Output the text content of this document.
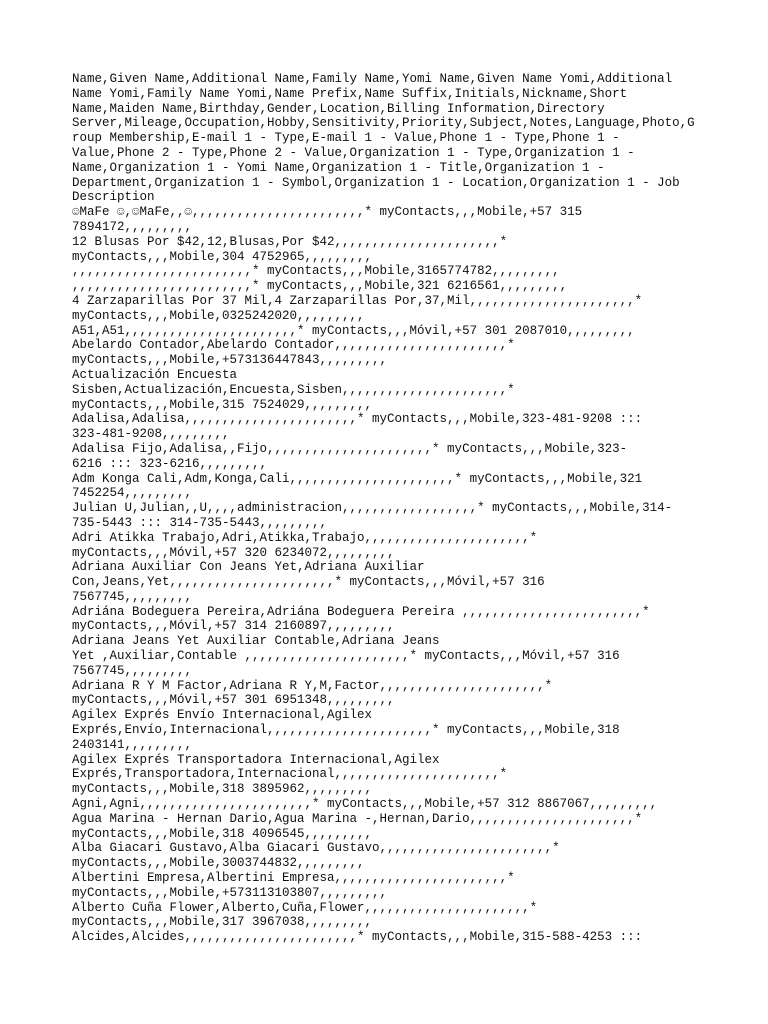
Name,Given Name,Additional Name,Family Name,Yomi Name,Given Name Yomi,Additional
Name Yomi,Family Name Yomi,Name Prefix,Name Suffix,Initials,Nickname,Short
Name,Maiden Name,Birthday,Gender,Location,Billing Information,Directory
Server,Mileage,Occupation,Hobby,Sensitivity,Priority,Subject,Notes,Language,Photo,G
roup Membership,E-mail 1 - Type,E-mail 1 - Value,Phone 1 - Type,Phone 1 -
Value,Phone 2 - Type,Phone 2 - Value,Organization 1 - Type,Organization 1 -
Name,Organization 1 - Yomi Name,Organization 1 - Title,Organization 1 -
Department,Organization 1 - Symbol,Organization 1 - Location,Organization 1 - Job
Description
☺MaFe ☺,☺MaFe,,☺,,,,,,,,,,,,,,,,,,,,,,,* myContacts,,,Mobile,+57 315
7894172,,,,,,,,,
12 Blusas Por $42,12,Blusas,Por $42,,,,,,,,,,,,,,,,,,,,,,*
myContacts,,,Mobile,304 4752965,,,,,,,,,
,,,,,,,,,,,,,,,,,,,,,,,,* myContacts,,,Mobile,3165774782,,,,,,,,,
,,,,,,,,,,,,,,,,,,,,,,,,* myContacts,,,Mobile,321 6216561,,,,,,,,,
4 Zarzaparillas Por 37 Mil,4 Zarzaparillas Por,37,Mil,,,,,,,,,,,,,,,,,,,,,,*
myContacts,,,Mobile,0325242020,,,,,,,,,
A51,A51,,,,,,,,,,,,,,,,,,,,,,,* myContacts,,,Móvil,+57 301 2087010,,,,,,,,,
Abelardo Contador,Abelardo Contador,,,,,,,,,,,,,,,,,,,,,,,*
myContacts,,,Mobile,+573136447843,,,,,,,,,
Actualización Encuesta
Sisben,Actualización,Encuesta,Sisben,,,,,,,,,,,,,,,,,,,,,,*
myContacts,,,Mobile,315 7524029,,,,,,,,,
Adalisa,Adalisa,,,,,,,,,,,,,,,,,,,,,,,* myContacts,,,Mobile,323-481-9208 :::
323-481-9208,,,,,,,,,
Adalisa Fijo,Adalisa,,Fijo,,,,,,,,,,,,,,,,,,,,,,* myContacts,,,Mobile,323-
6216 ::: 323-6216,,,,,,,,,
Adm Konga Cali,Adm,Konga,Cali,,,,,,,,,,,,,,,,,,,,,,* myContacts,,,Mobile,321
7452254,,,,,,,,,
Julian U,Julian,,U,,,,administracion,,,,,,,,,,,,,,,,,,* myContacts,,,Mobile,314-
735-5443 ::: 314-735-5443,,,,,,,,,
Adri Atikka Trabajo,Adri,Atikka,Trabajo,,,,,,,,,,,,,,,,,,,,,,*
myContacts,,,Móvil,+57 320 6234072,,,,,,,,,
Adriana Auxiliar Con Jeans Yet,Adriana Auxiliar
Con,Jeans,Yet,,,,,,,,,,,,,,,,,,,,,,* myContacts,,,Móvil,+57 316
7567745,,,,,,,,,
Adriána Bodeguera Pereira,Adriána Bodeguera Pereira ,,,,,,,,,,,,,,,,,,,,,,,,*
myContacts,,,Móvil,+57 314 2160897,,,,,,,,,
Adriana Jeans Yet Auxiliar Contable,Adriana Jeans
Yet ,Auxiliar,Contable ,,,,,,,,,,,,,,,,,,,,,,* myContacts,,,Móvil,+57 316
7567745,,,,,,,,,
Adriana R Y M Factor,Adriana R Y,M,Factor,,,,,,,,,,,,,,,,,,,,,,*
myContacts,,,Móvil,+57 301 6951348,,,,,,,,,
Agilex Exprés Envío Internacional,Agilex
Exprés,Envío,Internacional,,,,,,,,,,,,,,,,,,,,,,* myContacts,,,Mobile,318
2403141,,,,,,,,,
Agilex Exprés Transportadora Internacional,Agilex
Exprés,Transportadora,Internacional,,,,,,,,,,,,,,,,,,,,,,*
myContacts,,,Mobile,318 3895962,,,,,,,,,
Agni,Agni,,,,,,,,,,,,,,,,,,,,,,,* myContacts,,,Mobile,+57 312 8867067,,,,,,,,,
Agua Marina - Hernan Dario,Agua Marina -,Hernan,Dario,,,,,,,,,,,,,,,,,,,,,,*
myContacts,,,Mobile,318 4096545,,,,,,,,,
Alba Giacari Gustavo,Alba Giacari Gustavo,,,,,,,,,,,,,,,,,,,,,,,*
myContacts,,,Mobile,3003744832,,,,,,,,,
Albertini Empresa,Albertini Empresa,,,,,,,,,,,,,,,,,,,,,,,*
myContacts,,,Mobile,+573113103807,,,,,,,,,
Alberto Cuña Flower,Alberto,Cuña,Flower,,,,,,,,,,,,,,,,,,,,,,*
myContacts,,,Mobile,317 3967038,,,,,,,,,
Alcides,Alcides,,,,,,,,,,,,,,,,,,,,,,,* myContacts,,,Mobile,315-588-4253 :::
